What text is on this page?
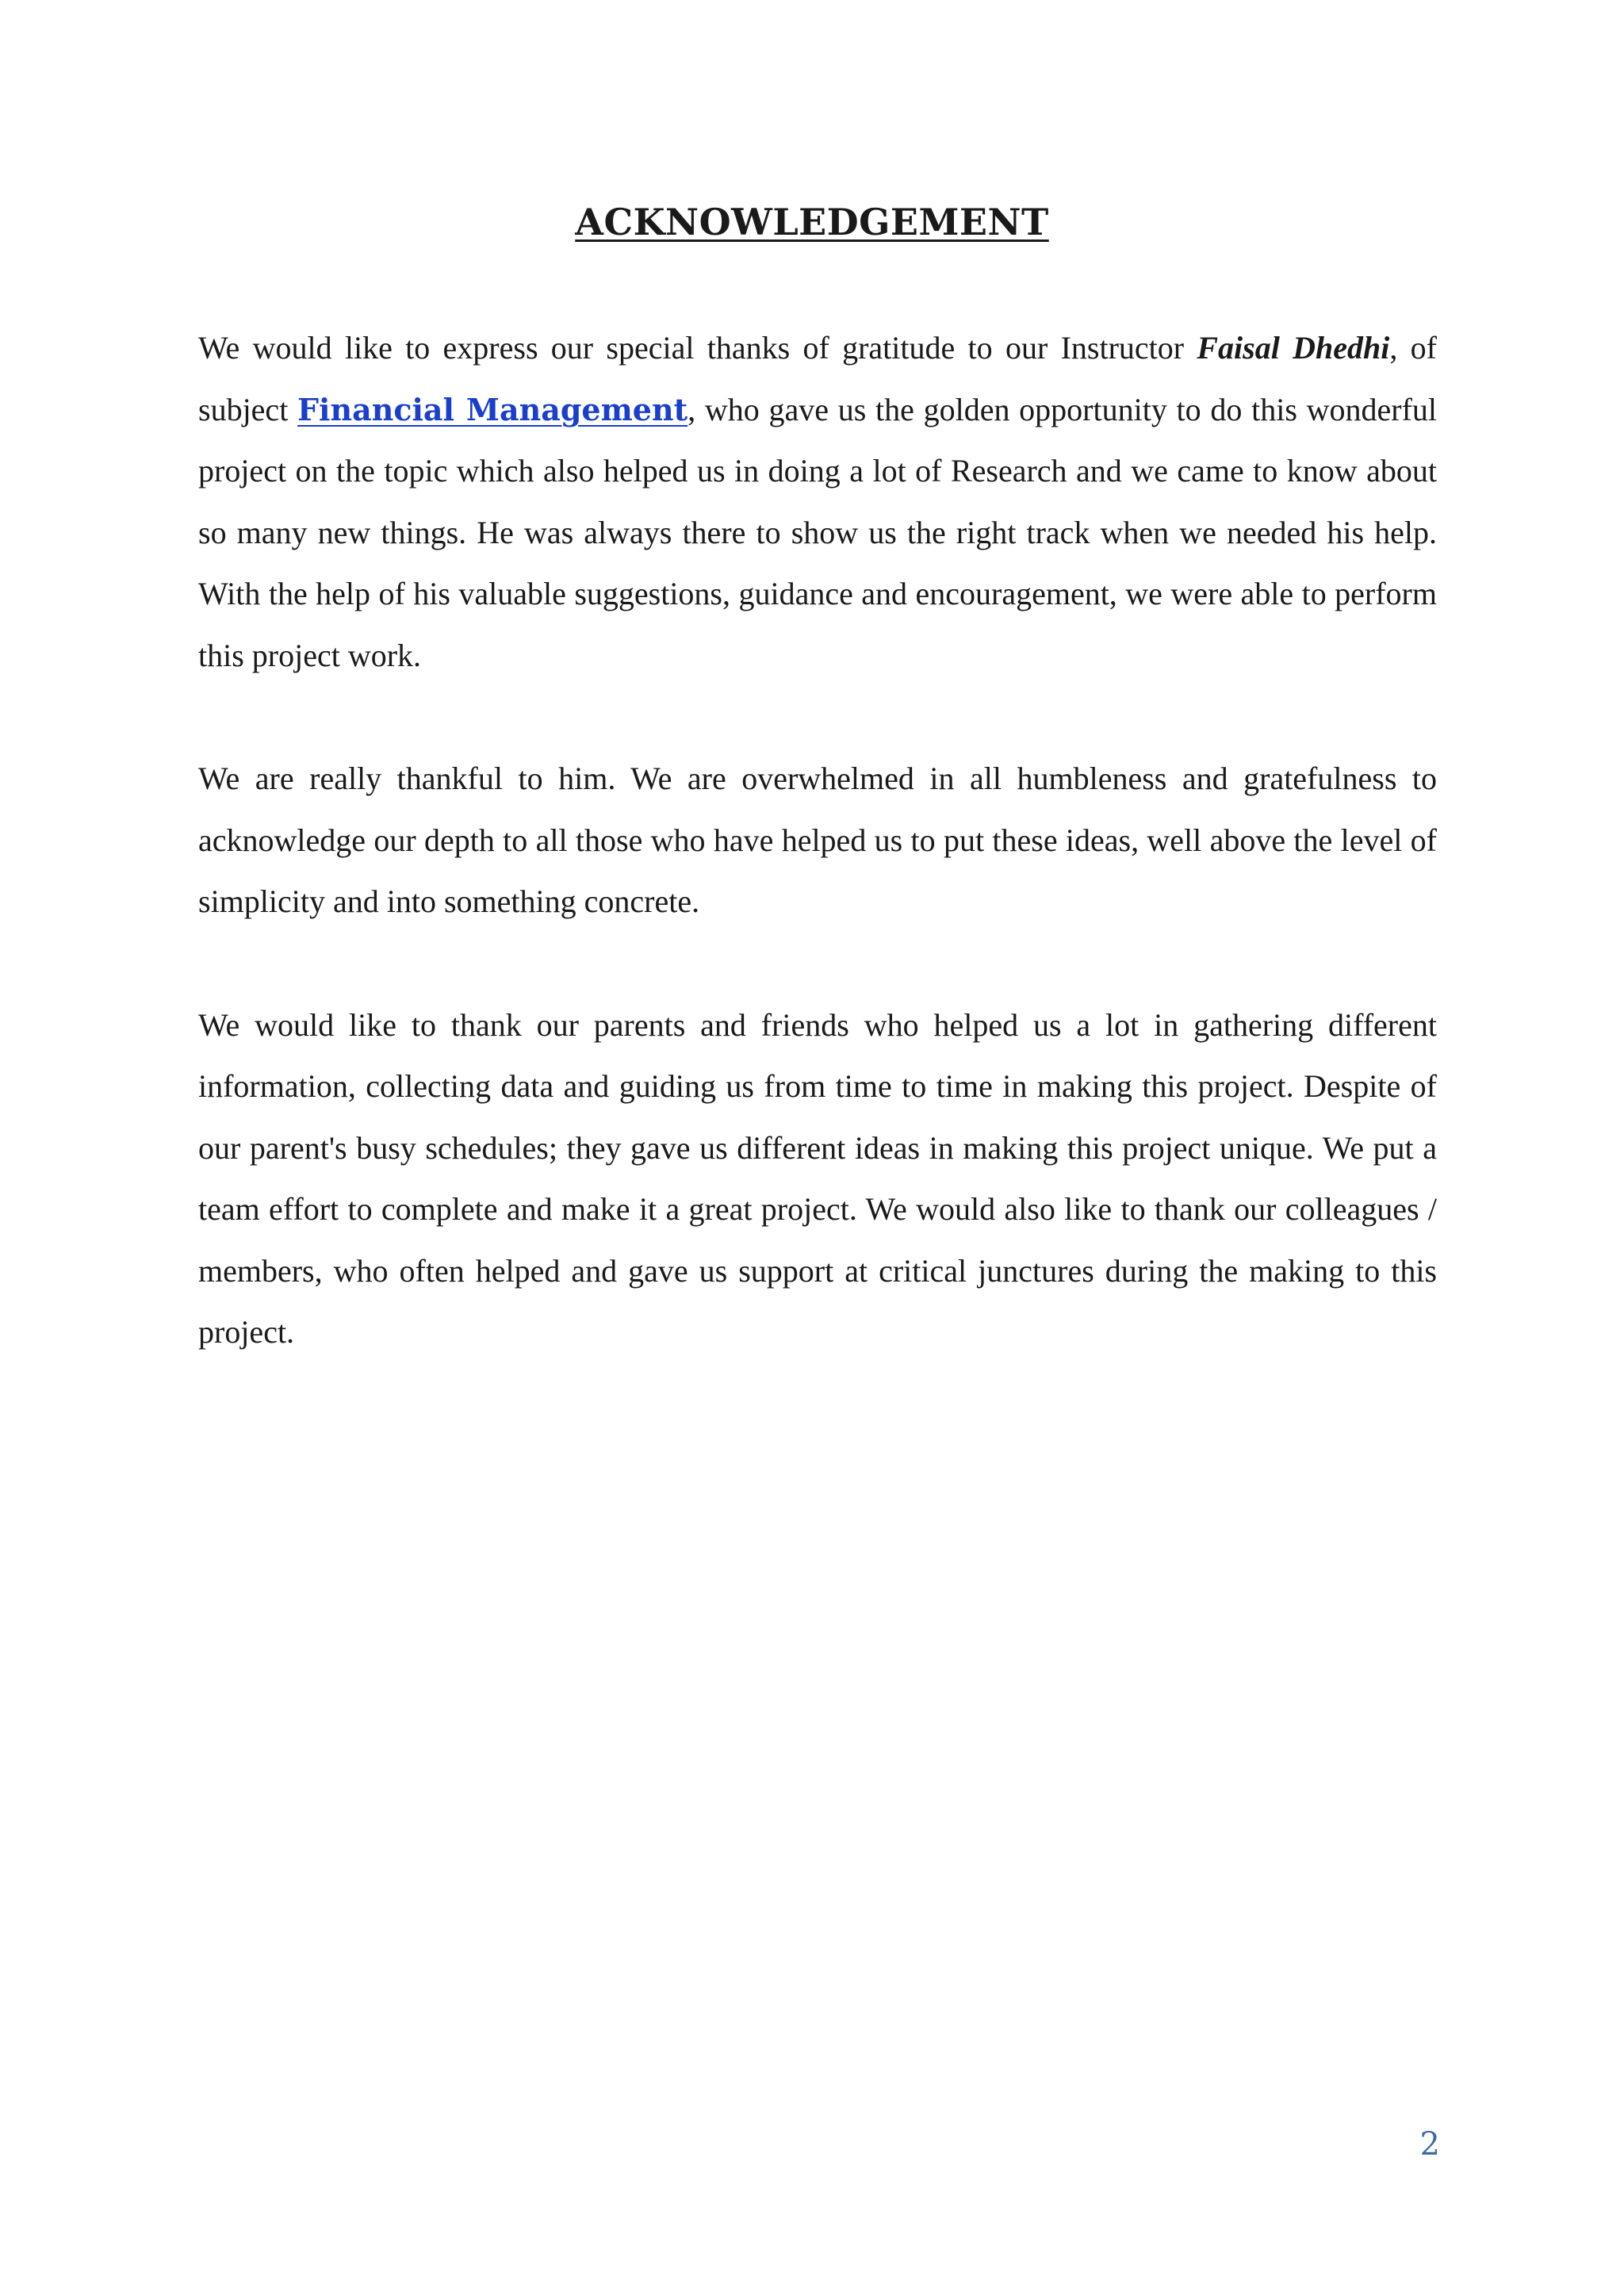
ACKNOWLEDGEMENT

We would like to express our special thanks of gratitude to our Instructor Faisal Dhedhi, of subject Financial Management, who gave us the golden opportunity to do this wonderful project on the topic which also helped us in doing a lot of Research and we came to know about so many new things. He was always there to show us the right track when we needed his help. With the help of his valuable suggestions, guidance and encouragement, we were able to perform this project work.

We are really thankful to him. We are overwhelmed in all humbleness and gratefulness to acknowledge our depth to all those who have helped us to put these ideas, well above the level of simplicity and into something concrete.

We would like to thank our parents and friends who helped us a lot in gathering different information, collecting data and guiding us from time to time in making this project. Despite of our parent's busy schedules; they gave us different ideas in making this project unique. We put a team effort to complete and make it a great project. We would also like to thank our colleagues / members, who often helped and gave us support at critical junctures during the making to this project.

2
